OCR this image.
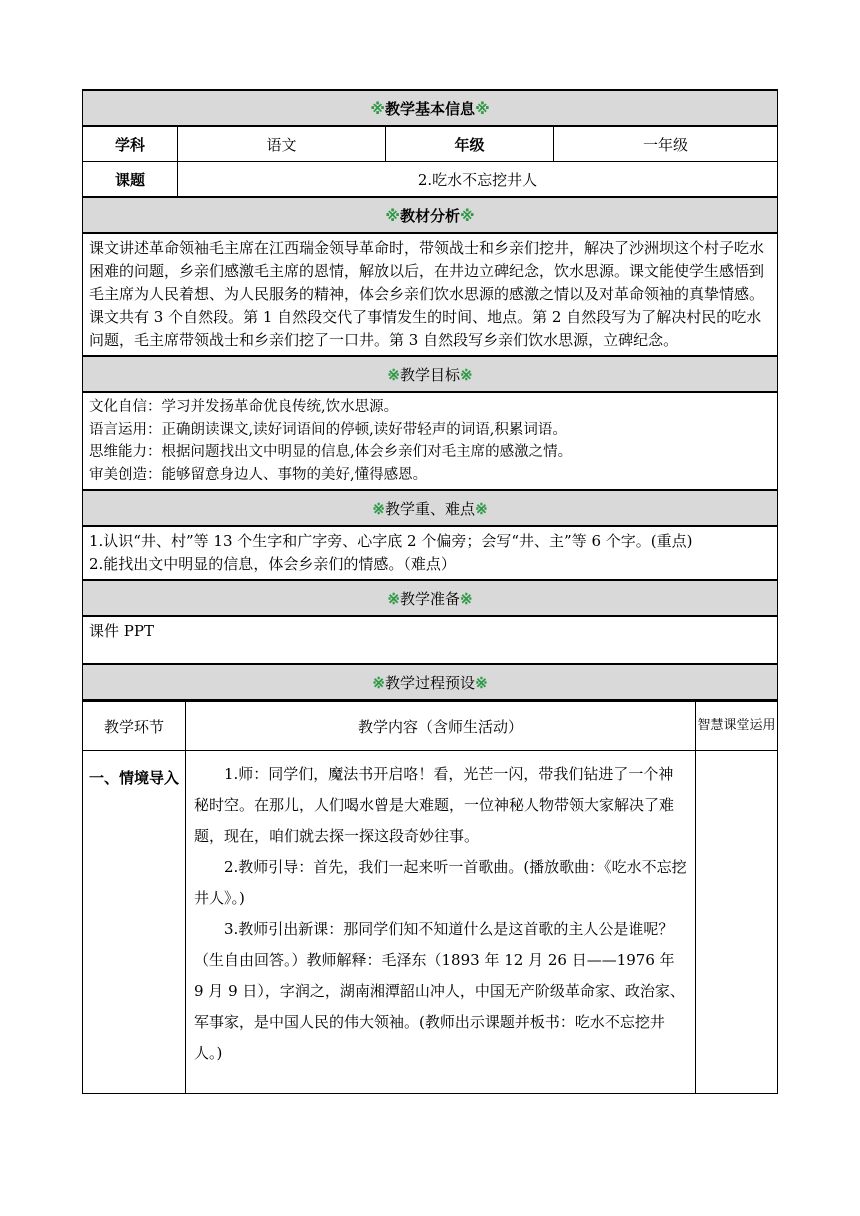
※教学基本信息※			
学科	语文	年级	一年级
课题	2.吃水不忘挖井人		
※教材分析※			

课文讲述革命领袖毛主席在江西瑞金领导革命时，带领战士和乡亲们挖井，解决了沙洲坝这个村子吃水困难的问题，乡亲们感激毛主席的恩情，解放以后，在井边立碑纪念，饮水思源。课文能使学生感悟到毛主席为人民着想、为人民服务的精神，体会乡亲们饮水思源的感激之情以及对革命领袖的真挚情感。
课文共有 3 个自然段。第 1 自然段交代了事情发生的时间、地点。第 2 自然段写为了解决村民的吃水问题，毛主席带领战士和乡亲们挖了一口井。第 3 自然段写乡亲们饮水思源，立碑纪念。			

※教学目标※			

文化自信：学习并发扬革命优良传统,饮水思源。
语言运用：正确朗读课文,读好词语间的停顿,读好带轻声的词语,积累词语。
思维能力：根据问题找出文中明显的信息,体会乡亲们对毛主席的感激之情。
审美创造：能够留意身边人、事物的美好,懂得感恩。			

※教学重、难点※			

1.认识“井、村”等 13 个生字和广字旁、心字底 2 个偏旁；会写“井、主”等 6 个字。(重点)
2.能找出文中明显的信息，体会乡亲们的情感。（难点）			

※教学准备※			

课件 PPT			

※教学过程预设※			
教学环节	教学内容（含师生活动）	智慧课堂运用
一、情境导入	1.师：同学们，魔法书开启咯！看，光芒一闪，带我们钻进了一个神秘时空。在那儿，人们喝水曾是大难题，一位神秘人物带领大家解决了难题，现在，咱们就去探一探这段奇妙往事。
2.教师引导：首先，我们一起来听一首歌曲。(播放歌曲：《吃水不忘挖井人》。)
3.教师引出新课：那同学们知不知道什么是这首歌的主人公是谁呢？（生自由回答。）教师解释：毛泽东（1893 年 12 月 26 日——1976 年 9 月 9 日），字润之，湖南湘潭韶山冲人，中国无产阶级革命家、政治家、军事家，是中国人民的伟大领袖。(教师出示课题并板书：吃水不忘挖井人。)	
